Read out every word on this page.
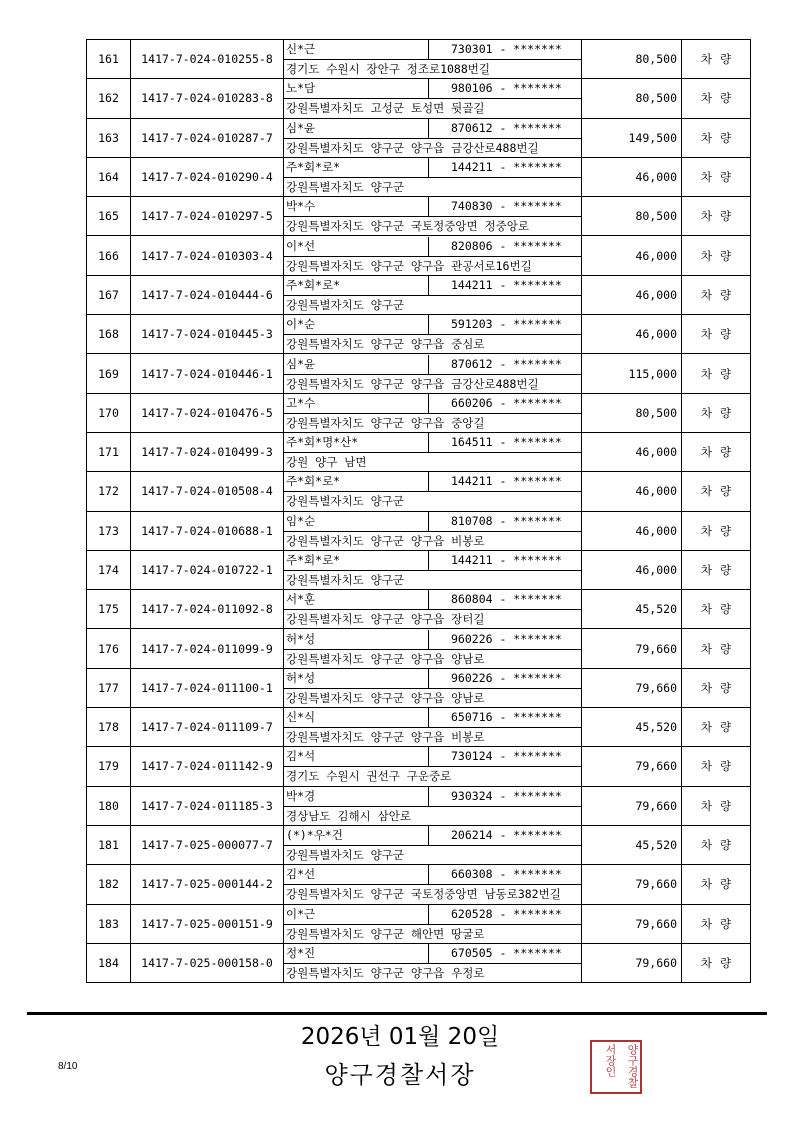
161	1417-7-024-010255-8	신*근 730301 - *******
경기도 수원시 장안구 정조로1088번길	80,500	차량
162	1417-7-024-010283-8	노*담 980106 - *******
강원특별자치도 고성군 토성면 뒷골길	80,500	차량
163	1417-7-024-010287-7	심*윤 870612 - *******
강원특별자치도 양구군 양구읍 금강산로488번길	149,500	차량
164	1417-7-024-010290-4	주*회*로* 144211 - *******
강원특별자치도 양구군	46,000	차량
165	1417-7-024-010297-5	박*수 740830 - *******
강원특별자치도 양구군 국토정중앙면 정중앙로	80,500	차량
166	1417-7-024-010303-4	이*선 820806 - *******
강원특별자치도 양구군 양구읍 관공서로16번길	46,000	차량
167	1417-7-024-010444-6	주*회*로* 144211 - *******
강원특별자치도 양구군	46,000	차량
168	1417-7-024-010445-3	이*순 591203 - *******
강원특별자치도 양구군 양구읍 중심로	46,000	차량
169	1417-7-024-010446-1	심*윤 870612 - *******
강원특별자치도 양구군 양구읍 금강산로488번길	115,000	차량
170	1417-7-024-010476-5	고*수 660206 - *******
강원특별자치도 양구군 양구읍 중앙길	80,500	차량
171	1417-7-024-010499-3	주*회*명*산* 164511 - *******
강원 양구 남면	46,000	차량
172	1417-7-024-010508-4	주*회*로* 144211 - *******
강원특별자치도 양구군	46,000	차량
173	1417-7-024-010688-1	임*순 810708 - *******
강원특별자치도 양구군 양구읍 비봉로	46,000	차량
174	1417-7-024-010722-1	주*회*로* 144211 - *******
강원특별자치도 양구군	46,000	차량
175	1417-7-024-011092-8	서*훈 860804 - *******
강원특별자치도 양구군 양구읍 장터길	45,520	차량
176	1417-7-024-011099-9	허*성 960226 - *******
강원특별자치도 양구군 양구읍 양남로	79,660	차량
177	1417-7-024-011100-1	허*성 960226 - *******
강원특별자치도 양구군 양구읍 양남로	79,660	차량
178	1417-7-024-011109-7	신*식 650716 - *******
강원특별자치도 양구군 양구읍 비봉로	45,520	차량
179	1417-7-024-011142-9	김*석 730124 - *******
경기도 수원시 권선구 구운중로	79,660	차량
180	1417-7-024-011185-3	박*경 930324 - *******
경상남도 김해시 삼안로	79,660	차량
181	1417-7-025-000077-7	(*)*우*건 206214 - *******
강원특별자치도 양구군	45,520	차량
182	1417-7-025-000144-2	김*선 660308 - *******
강원특별자치도 양구군 국토정중앙면 남동로382번길	79,660	차량
183	1417-7-025-000151-9	이*근 620528 - *******
강원특별자치도 양구군 해안면 땅굴로	79,660	차량
184	1417-7-025-000158-0	정*진 670505 - *******
강원특별자치도 양구군 양구읍 우정로	79,660	차량
2026년 01월 20일
양구경찰서장
8/10
양
구
경
찰
서
장
인
